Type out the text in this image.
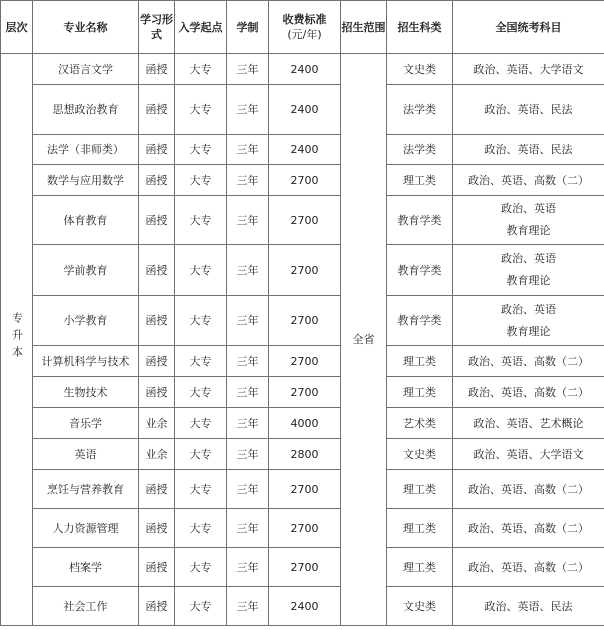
层次	专业名称	学习形式	入学起点	学制	收费标准
(元/年)	招生范围	招生科类	全国统考科目
专升本	汉语言文学	函授	大专	三年	2400	全省	文史类	政治、英语、大学语文

	思想政治教育	函授	大专	三年	2400		法学类	政治、英语、民法

	法学（非师类）	函授	大专	三年	2400		法学类	政治、英语、民法

	数学与应用数学	函授	大专	三年	2700		理工类	政治、英语、高数（二）

	体育教育	函授	大专	三年	2700		教育学类	政治、英语
教育理论

	学前教育	函授	大专	三年	2700		教育学类	政治、英语
教育理论

	小学教育	函授	大专	三年	2700		教育学类	政治、英语
教育理论

	计算机科学与技术	函授	大专	三年	2700		理工类	政治、英语、高数（二）

	生物技术	函授	大专	三年	2700		理工类	政治、英语、高数（二）

	音乐学	业余	大专	三年	4000		艺术类	政治、英语、艺术概论

	英语	业余	大专	三年	2800		文史类	政治、英语、大学语文

	烹饪与营养教育	函授	大专	三年	2700		理工类	政治、英语、高数（二）

	人力资源管理	函授	大专	三年	2700		理工类	政治、英语、高数（二）

	档案学	函授	大专	三年	2700		理工类	政治、英语、高数（二）

	社会工作	函授	大专	三年	2400		文史类	政治、英语、民法
